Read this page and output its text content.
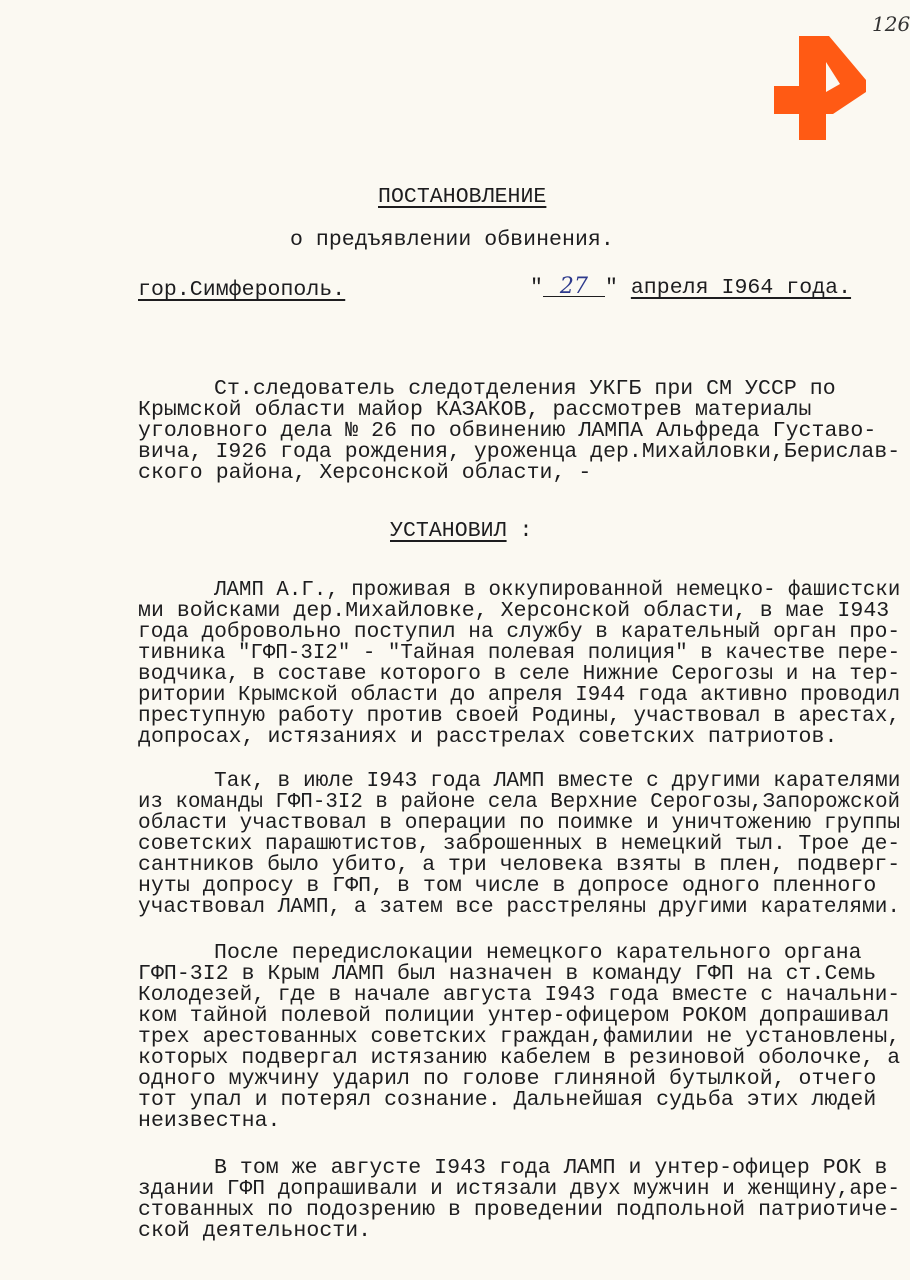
126
ПОСТАНОВЛЕНИЕ
о предъявлении обвинения.
гор.Симферополь.	" 27 " апреля I964 года.
Ст.следователь следотделения УКГБ при СМ УССР по
Крымской области майор КАЗАКОВ, рассмотрев материалы
уголовного дела № 26 по обвинению ЛАМПА Альфреда Густаво-
вича, I926 года рождения, уроженца дер.Михайловки,Берислав-
ского района, Херсонской области, -
УСТАНОВИЛ :
ЛАМП А.Г., проживая в оккупированной немецко- фашистски
ми войсками дер.Михайловке, Херсонской области, в мае I943
года добровольно поступил на службу в карательный орган про-
тивника "ГФП-3I2" - "Тайная полевая полиция" в качестве пере-
водчика, в составе которого в селе Нижние Серогозы и на тер-
ритории Крымской области до апреля I944 года активно проводил
преступную работу против своей Родины, участвовал в арестах,
допросах, истязаниях и расстрелах советских патриотов.
Так, в июле I943 года ЛАМП вместе с другими карателями
из команды ГФП-3I2 в районе села Верхние Серогозы,Запорожской
области участвовал в операции по поимке и уничтожению группы
советских парашютистов, заброшенных в немецкий тыл. Трое де-
сантников было убито, а три человека взяты в плен, подверг-
нуты допросу в ГФП, в том числе в допросе одного пленного
участвовал ЛАМП, а затем все расстреляны другими карателями.
После передислокации немецкого карательного органа
ГФП-3I2 в Крым ЛАМП был назначен в команду ГФП на ст.Семь
Колодезей, где в начале августа I943 года вместе с начальни-
ком тайной полевой полиции унтер-офицером РОКОМ допрашивал
трех арестованных советских граждан,фамилии не установлены,
которых подвергал истязанию кабелем в резиновой оболочке, а
одного мужчину ударил по голове глиняной бутылкой, отчего
тот упал и потерял сознание. Дальнейшая судьба этих людей
неизвестна.
В том же августе I943 года ЛАМП и унтер-офицер РОК в
здании ГФП допрашивали и истязали двух мужчин и женщину,аре-
стованных по подозрению в проведении подпольной патриотиче-
ской деятельности.
